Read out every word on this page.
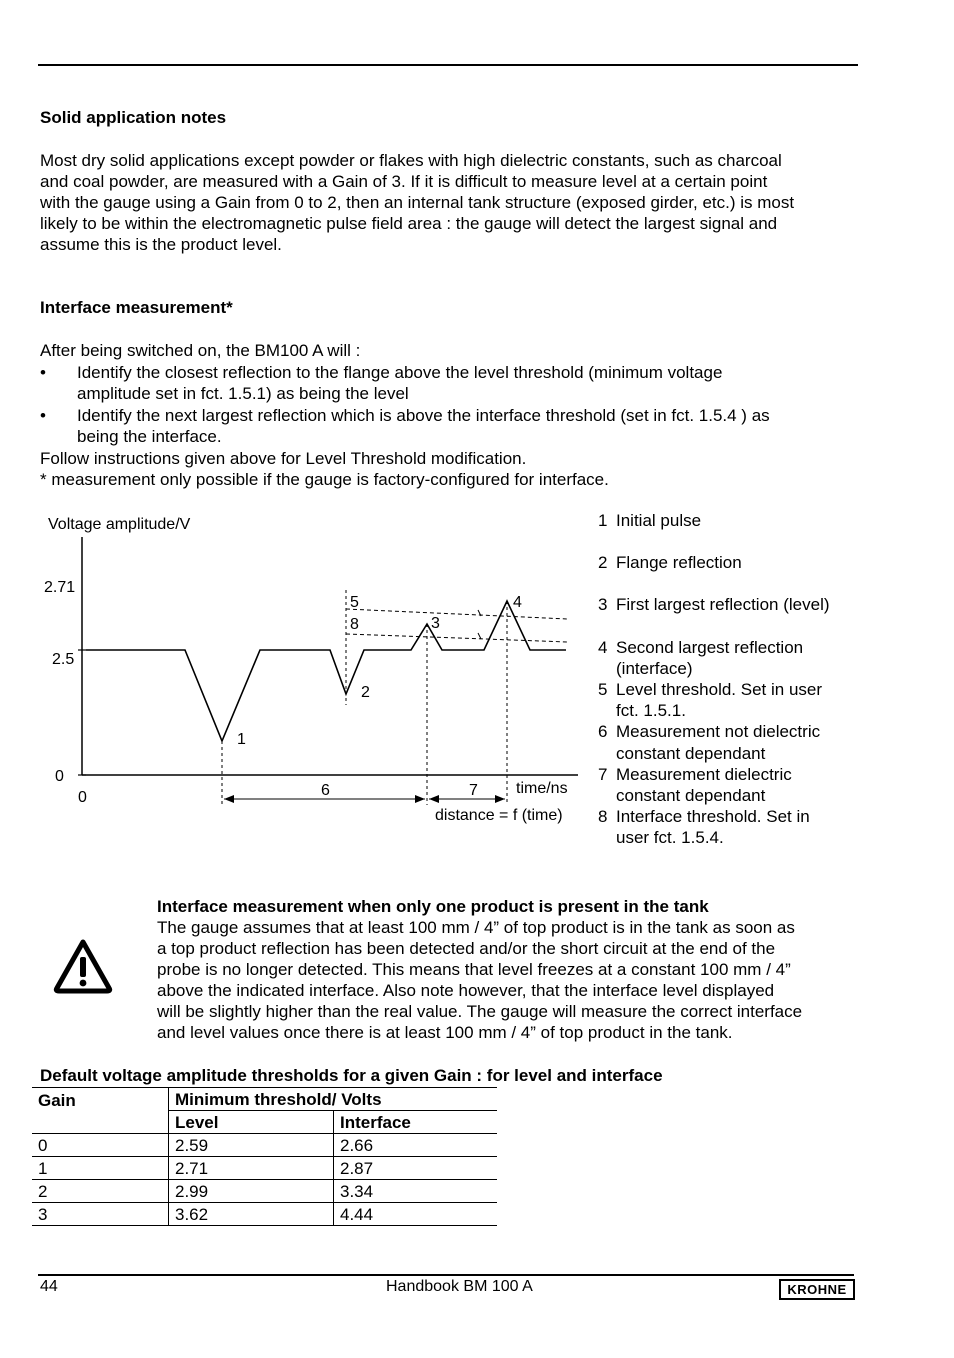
Solid application notes
Most dry solid applications except powder or flakes with high dielectric constants, such as charcoal
and coal powder, are measured with a Gain of 3. If it is difficult to measure level at a certain point
with the gauge using a Gain from 0 to 2, then an internal tank structure (exposed girder, etc.) is most
likely to be within the electromagnetic pulse field area : the gauge will detect the largest signal and
assume this is the product level.
Interface measurement*
After being switched on, the BM100 A will :
• Identify the closest reflection to the flange above the level threshold (minimum voltage
amplitude set in fct. 1.5.1) as being the level
• Identify the next largest reflection which is above the interface threshold (set in fct. 1.5.4 ) as
being the interface.
Follow instructions given above for Level Threshold modification.
* measurement only possible if the gauge is factory-configured for interface.
Voltage amplitude/V
2.71
2.5
0
0
1
2
3
4
5
8
6	7 time/ns
distance = f (time)
1 Initial pulse
2 Flange reflection
3 First largest reflection (level)
4 Second largest reflection
(interface)
5 Level threshold. Set in user
fct. 1.5.1.
6 Measurement not dielectric
constant dependant
7 Measurement dielectric
constant dependant
8 Interface threshold. Set in
user fct. 1.5.4.
Interface measurement when only one product is present in the tank
The gauge assumes that at least 100 mm / 4” of top product is in the tank as soon as
a top product reflection has been detected and/or the short circuit at the end of the
probe is no longer detected. This means that level freezes at a constant 100 mm / 4”
above the indicated interface. Also note however, that the interface level displayed
will be slightly higher than the real value. The gauge will measure the correct interface
and level values once there is at least 100 mm / 4” of top product in the tank.
Default voltage amplitude thresholds for a given Gain : for level and interface
Gain	Minimum threshold/ Volts	
	Level	Interface
0	2.59	2.66
1	2.71	2.87
2	2.99	3.34
3	3.62	4.44
44	Handbook BM 100 A	KROHNE
